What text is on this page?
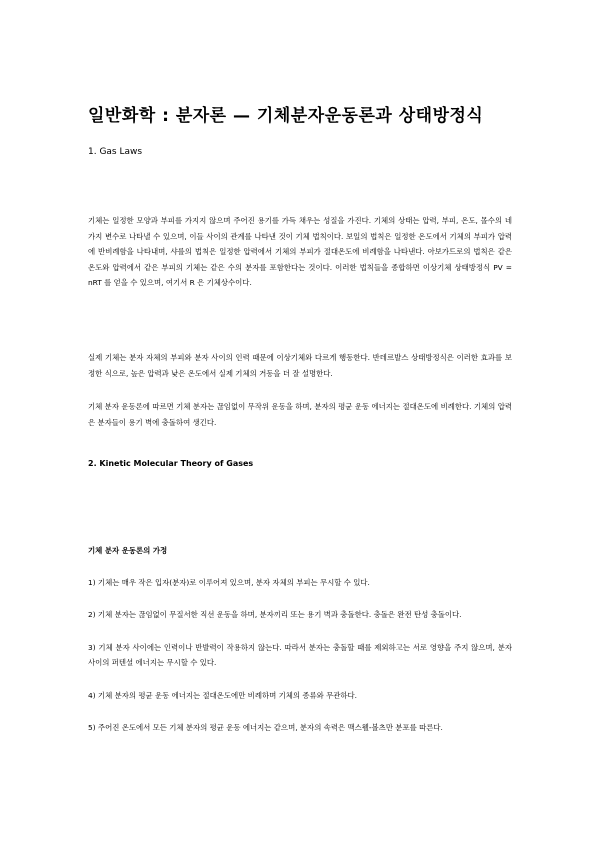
일반화학 : 분자론 — 기체분자운동론과 상태방정식
1. Gas Laws

기체는 일정한 모양과 부피를 가지지 않으며 주어진 용기를 가득 채우는 성질을 가진다. 기체의 상태는 압력, 부피, 온도, 몰수의 네 가지 변수로 나타낼 수 있으며, 이들 사이의 관계를 나타낸 것이 기체 법칙이다. 보일의 법칙은 일정한 온도에서 기체의 부피가 압력에 반비례함을 나타내며, 샤를의 법칙은 일정한 압력에서 기체의 부피가 절대온도에 비례함을 나타낸다. 아보가드로의 법칙은 같은 온도와 압력에서 같은 부피의 기체는 같은 수의 분자를 포함한다는 것이다. 이러한 법칙들을 종합하면 이상기체 상태방정식 PV = nRT 를 얻을 수 있으며, 여기서 R 은 기체상수이다.

실제 기체는 분자 자체의 부피와 분자 사이의 인력 때문에 이상기체와 다르게 행동한다. 반데르발스 상태방정식은 이러한 효과를 보정한 식으로, 높은 압력과 낮은 온도에서 실제 기체의 거동을 더 잘 설명한다.

기체 분자 운동론에 따르면 기체 분자는 끊임없이 무작위 운동을 하며, 분자의 평균 운동 에너지는 절대온도에 비례한다. 기체의 압력은 분자들이 용기 벽에 충돌하여 생긴다.

2. Kinetic Molecular Theory of Gases
기체 분자 운동론의 가정
1) 기체는 매우 작은 입자(분자)로 이루어져 있으며, 분자 자체의 부피는 무시할 수 있다.
2) 기체 분자는 끊임없이 무질서한 직선 운동을 하며, 분자끼리 또는 용기 벽과 충돌한다. 충돌은 완전 탄성 충돌이다.
3) 기체 분자 사이에는 인력이나 반발력이 작용하지 않는다. 따라서 분자는 충돌할 때를 제외하고는 서로 영향을 주지 않으며, 분자 사이의 퍼텐셜 에너지는 무시할 수 있다.
4) 기체 분자의 평균 운동 에너지는 절대온도에만 비례하며 기체의 종류와 무관하다.
5) 주어진 온도에서 모든 기체 분자의 평균 운동 에너지는 같으며, 분자의 속력은 맥스웰-볼츠만 분포를 따른다.
